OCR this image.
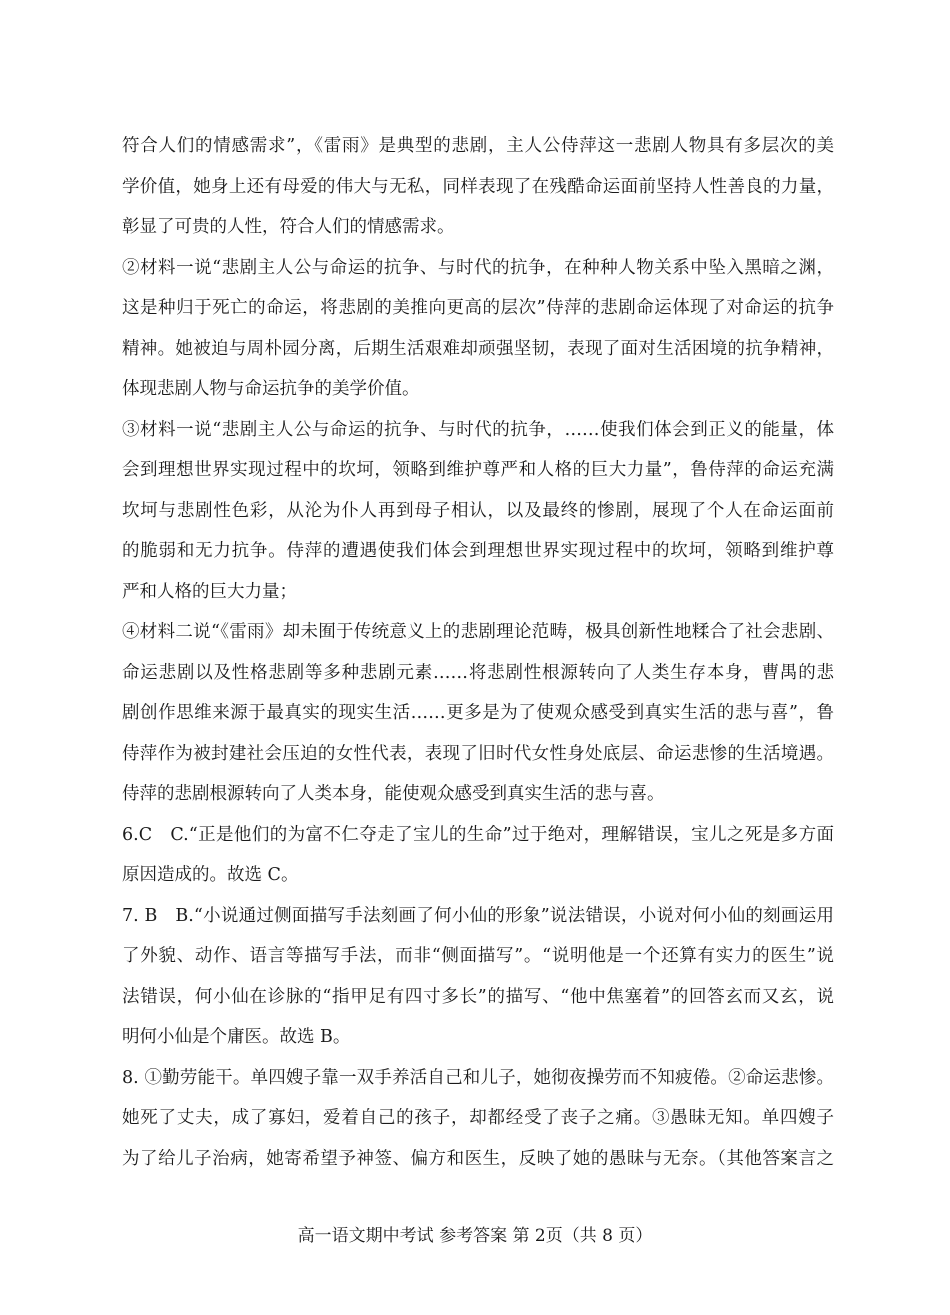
符合人们的情感需求”，《雷雨》是典型的悲剧，主人公侍萍这一悲剧人物具有多层次的美
学价值，她身上还有母爱的伟大与无私，同样表现了在残酷命运面前坚持人性善良的力量，
彰显了可贵的人性，符合人们的情感需求。
②材料一说“悲剧主人公与命运的抗争、与时代的抗争，在种种人物关系中坠入黑暗之渊，
这是种归于死亡的命运，将悲剧的美推向更高的层次”侍萍的悲剧命运体现了对命运的抗争
精神。她被迫与周朴园分离，后期生活艰难却顽强坚韧，表现了面对生活困境的抗争精神，
体现悲剧人物与命运抗争的美学价值。
③材料一说“悲剧主人公与命运的抗争、与时代的抗争，……使我们体会到正义的能量，体
会到理想世界实现过程中的坎坷，领略到维护尊严和人格的巨大力量”，鲁侍萍的命运充满
坎坷与悲剧性色彩，从沦为仆人再到母子相认，以及最终的惨剧，展现了个人在命运面前
的脆弱和无力抗争。侍萍的遭遇使我们体会到理想世界实现过程中的坎坷，领略到维护尊
严和人格的巨大力量；
④材料二说“《雷雨》却未囿于传统意义上的悲剧理论范畴，极具创新性地糅合了社会悲剧、
命运悲剧以及性格悲剧等多种悲剧元素……将悲剧性根源转向了人类生存本身，曹禺的悲
剧创作思维来源于最真实的现实生活……更多是为了使观众感受到真实生活的悲与喜”，鲁
侍萍作为被封建社会压迫的女性代表，表现了旧时代女性身处底层、命运悲惨的生活境遇。
侍萍的悲剧根源转向了人类本身，能使观众感受到真实生活的悲与喜。
6.C　C.“正是他们的为富不仁夺走了宝儿的生命”过于绝对，理解错误，宝儿之死是多方面
原因造成的。故选 C。
7. B　B.“小说通过侧面描写手法刻画了何小仙的形象”说法错误，小说对何小仙的刻画运用
了外貌、动作、语言等描写手法，而非“侧面描写”。“说明他是一个还算有实力的医生”说
法错误，何小仙在诊脉的“指甲足有四寸多长”的描写、“他中焦塞着”的回答玄而又玄，说
明何小仙是个庸医。故选 B。
8. ①勤劳能干。单四嫂子靠一双手养活自己和儿子，她彻夜操劳而不知疲倦。②命运悲惨。
她死了丈夫，成了寡妇，爱着自己的孩子，却都经受了丧子之痛。③愚昧无知。单四嫂子
为了给儿子治病，她寄希望予神签、偏方和医生，反映了她的愚昧与无奈。（其他答案言之
高一语文期中考试 参考答案 第 2页（共 8 页）
